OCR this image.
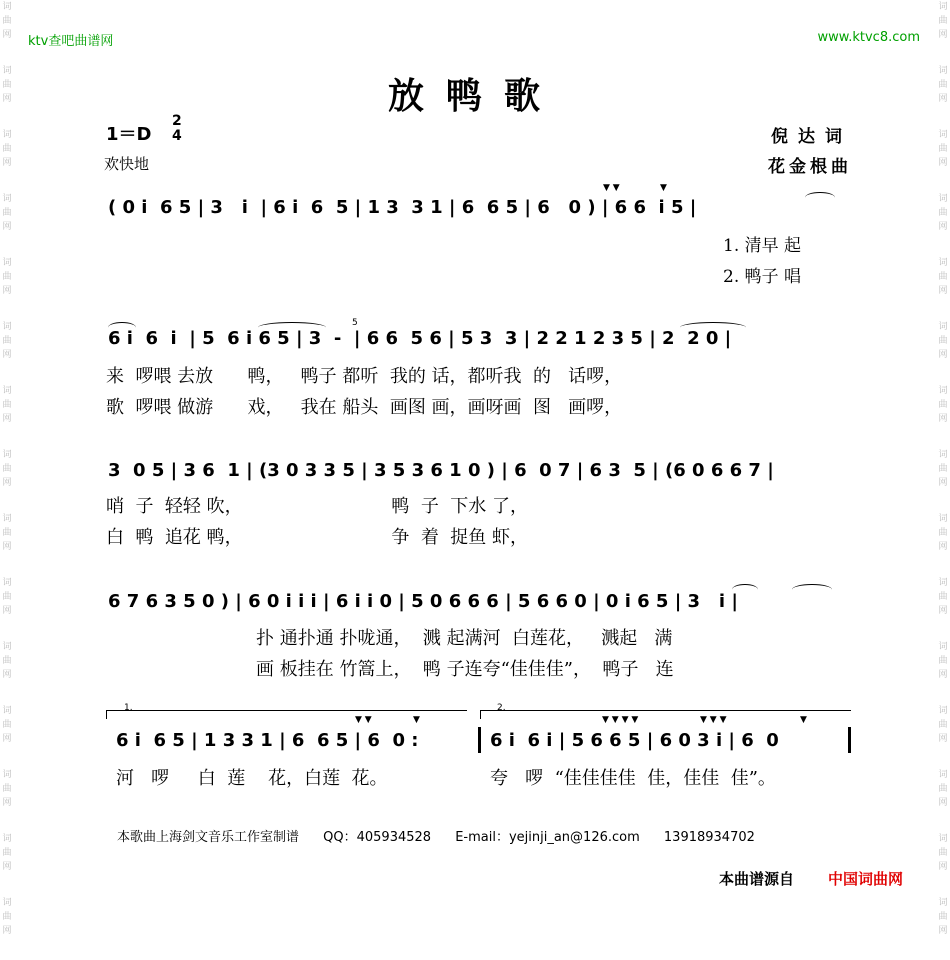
词
曲
网
词
曲
网
词
曲
网
词
曲
网
词
曲
网
词
曲
网
词
曲
网
词
曲
网
词
曲
网
词
曲
网
词
曲
网
词
曲
网
词
曲
网
词
曲
网
词
曲
网
词
曲
网
词
曲
网
词
曲
网
词
曲
网
词
曲
网
词
曲
网
词
曲
网
词
曲
网
词
曲
网
词
曲
网
词
曲
网
词
曲
网
词
曲
网
词
曲
网
词
曲
网
ktv查吧曲谱网	www.ktvc8.com
放鸭歌
1＝D
2
4
欢快地
倪达词
花金根曲
( 0 i  6 5 | 3   i  | 6 i  6  5 | 1 3  3 1 | 6  6 5 | 6   0 ) | 6 6  i 5 |
1. 清早 起
2. 鸭子 唱
▼ ▼	▼
6 i  6  i  | 5  6 i 6 5 | 3  -  | 6 6  5 6 | 5 3  3 | 2 2 1 2 3 5 | 2  2 0 |
5
来  啰喂 去放      鸭，   鸭子 都听  我的 话，都听我  的   话啰，
歌  啰喂 做游      戏，   我在 船头  画图 画，画呀画  图   画啰，
3  0 5 | 3 6  1 | (3 0 3 3 5 | 3 5 3 6 1 0 ) | 6  0 7 | 6 3  5 | (6 0 6 6 7 |
哨  子  轻轻 吹，                          鸭  子  下水 了，
白  鸭  追花 鸭，                          争  着  捉鱼 虾，
6 7 6 3 5 0 ) | 6 0 i i i | 6 i i 0 | 5 0 6 6 6 | 5 6 6 0 | 0 i 6 5 | 3   i |
扑 通扑通 扑咙通，  溅 起满河  白莲花，   溅起   满
画 板挂在 竹篙上，  鸭 子连夸“佳佳佳”，  鸭子   连
1.	2.
6 i  6 5 | 1 3 3 1 | 6  6 5 | 6  0 :	6 i  6 i | 5 6 6 5 | 6 0 3 i | 6  0
▼ ▼	▼	▼ ▼ ▼ ▼	▼ ▼ ▼	▼
河   啰     白  莲    花，白莲  花。	夸   啰  “佳佳佳佳  佳，佳佳  佳”。
本歌曲上海剑文音乐工作室制谱 QQ：405934528 E-mail：yejinji_an@126.com 13918934702
本曲谱源自 中国词曲网
